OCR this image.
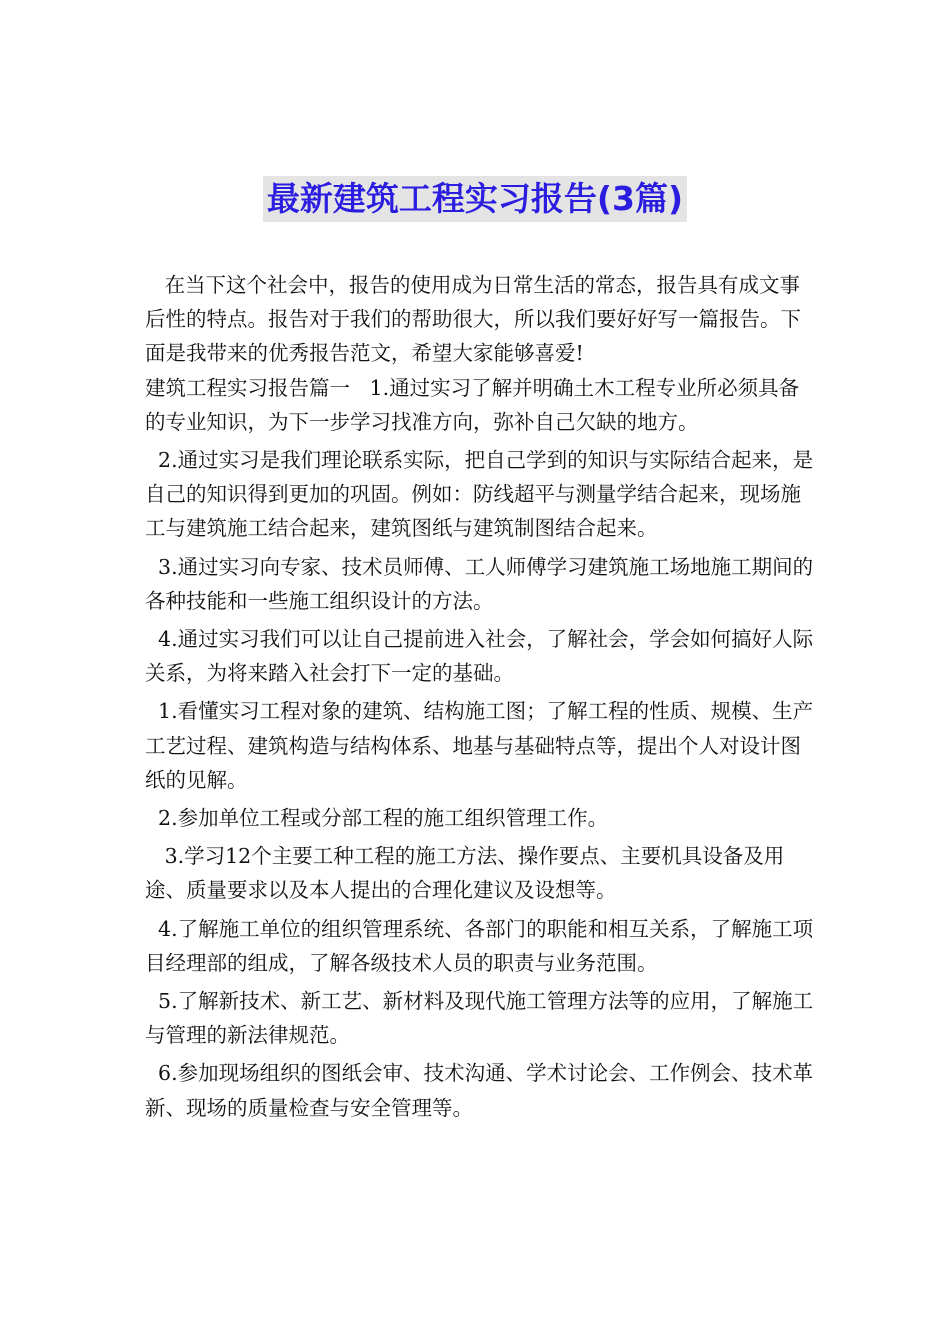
最新建筑工程实习报告(3篇)

在当下这个社会中，报告的使用成为日常生活的常态，报告具有成文事后性的特点。报告对于我们的帮助很大，所以我们要好好写一篇报告。下面是我带来的优秀报告范文，希望大家能够喜爱!

建筑工程实习报告篇一   1.通过实习了解并明确土木工程专业所必须具备的专业知识，为下一步学习找准方向，弥补自己欠缺的地方。

2.通过实习是我们理论联系实际，把自己学到的知识与实际结合起来，是自己的知识得到更加的巩固。例如：防线超平与测量学结合起来，现场施工与建筑施工结合起来，建筑图纸与建筑制图结合起来。

3.通过实习向专家、技术员师傅、工人师傅学习建筑施工场地施工期间的各种技能和一些施工组织设计的方法。

4.通过实习我们可以让自己提前进入社会，了解社会，学会如何搞好人际关系，为将来踏入社会打下一定的基础。

1.看懂实习工程对象的建筑、结构施工图；了解工程的性质、规模、生产工艺过程、建筑构造与结构体系、地基与基础特点等，提出个人对设计图纸的见解。

2.参加单位工程或分部工程的施工组织管理工作。

3.学习12个主要工种工程的施工方法、操作要点、主要机具设备及用途、质量要求以及本人提出的合理化建议及设想等。

4.了解施工单位的组织管理系统、各部门的职能和相互关系，了解施工项目经理部的组成，了解各级技术人员的职责与业务范围。

5.了解新技术、新工艺、新材料及现代施工管理方法等的应用，了解施工与管理的新法律规范。

6.参加现场组织的图纸会审、技术沟通、学术讨论会、工作例会、技术革新、现场的质量检查与安全管理等。
